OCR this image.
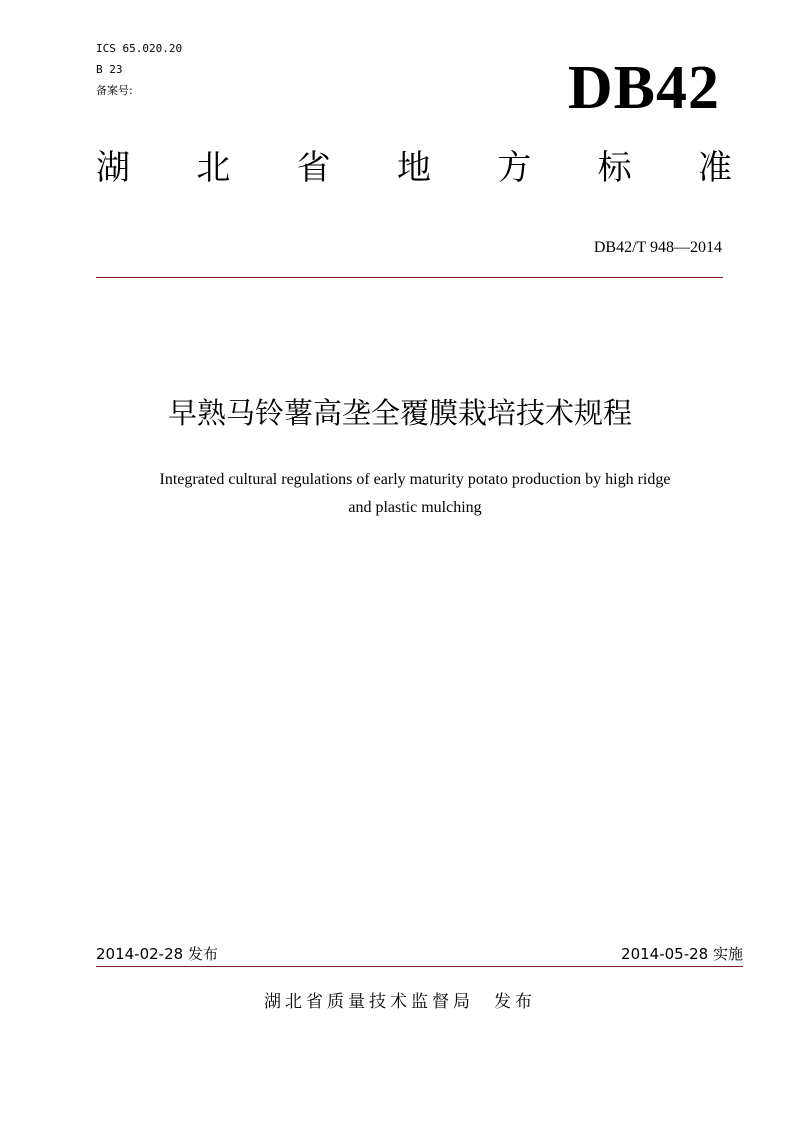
ICS 65.020.20
B 23
备案号:	DB42
湖 北 省 地 方 标 准
DB42/T 948—2014
早熟马铃薯高垄全覆膜栽培技术规程
Integrated cultural regulations of early maturity potato production by high ridge
and plastic mulching
2014-02-28 发布	2014-05-28 实施
湖北省质量技术监督局 发布
